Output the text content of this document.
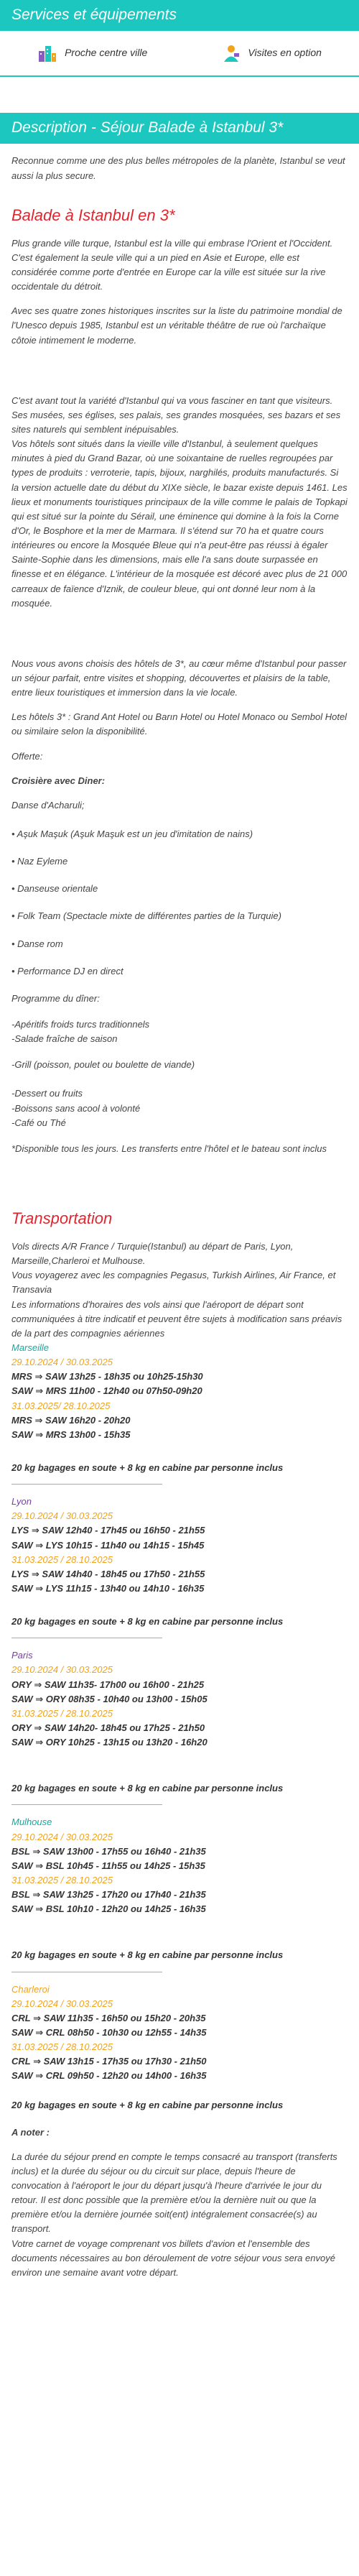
Services et équipements
Proche centre ville	Visites en option
Description - Séjour Balade à Istanbul 3*

Reconnue comme une des plus belles métropoles de la planète, Istanbul se veut aussi la plus secure.

Balade à Istanbul en 3*

Plus grande ville turque, Istanbul est la ville qui embrase l'Orient et l'Occident. C'est également la seule ville qui a un pied en Asie et Europe, elle est considérée comme porte d'entrée en Europe car la ville est située sur la rive occidentale du détroit.

Avec ses quatre zones historiques inscrites sur la liste du patrimoine mondial de l'Unesco depuis 1985, Istanbul est un véritable théâtre de rue où l'archaïque côtoie intimement le moderne.

C'est avant tout la variété d'Istanbul qui va vous fasciner en tant que visiteurs. Ses musées, ses églises, ses palais, ses grandes mosquées, ses bazars et ses sites naturels qui semblent inépuisables.

Vos hôtels sont situés dans la vieille ville d'Istanbul, à seulement quelques minutes à pied du Grand Bazar, où une soixantaine de ruelles regroupées par types de produits : verroterie, tapis, bijoux, narghilés, produits manufacturés. Si la version actuelle date du début du XIXe siècle, le bazar existe depuis 1461. Les lieux et monuments touristiques principaux de la ville comme le palais de Topkapi qui est situé sur la pointe du Sérail, une éminence qui domine à la fois la Corne d'Or, le Bosphore et la mer de Marmara. Il s'étend sur 70 ha et quatre cours intérieures ou encore la Mosquée Bleue qui n'a peut-être pas réussi à égaler Sainte-Sophie dans les dimensions, mais elle l'a sans doute surpassée en finesse et en élégance. L'intérieur de la mosquée est décoré avec plus de 21 000 carreaux de faïence d'Iznik, de couleur bleue, qui ont donné leur nom à la mosquée.

Nous vous avons choisis des hôtels de 3*, au cœur même d'Istanbul pour passer un séjour parfait, entre visites et shopping, découvertes et plaisirs de la table, entre lieux touristiques et immersion dans la vie locale.

Les hôtels 3* : Grand Ant Hotel ou Barın Hotel ou Hotel Monaco ou Sembol Hotel ou similaire selon la disponibilité.

Offerte:

Croisière avec Diner:

Danse d'Acharuli;

• Aşuk Maşuk (Aşuk Maşuk est un jeu d'imitation de nains)
• Naz Eyleme
• Danseuse orientale
• Folk Team (Spectacle mixte de différentes parties de la Turquie)
• Danse rom
• Performance DJ en direct

Programme du dîner:

-Apéritifs froids turcs traditionnels
-Salade fraîche de saison
-Grill (poisson, poulet ou boulette de viande)
-Dessert ou fruits
-Boissons sans acool à volonté
-Café ou Thé

*Disponible tous les jours. Les transferts entre l'hôtel et le bateau sont inclus

Transportation

Vols directs A/R France / Turquie(Istanbul) au départ de Paris, Lyon, Marseille,Charleroi et Mulhouse.
Vous voyagerez avec les compagnies Pegasus, Turkish Airlines, Air France, et Transavia
Les informations d'horaires des vols ainsi que l'aéroport de départ sont communiquées à titre indicatif et peuvent être sujets à modification sans préavis de la part des compagnies aériennes

Marseille
29.10.2024 / 30.03.2025
MRS ⇒ SAW 13h25 - 18h35 ou 10h25-15h30
SAW ⇒ MRS 11h00 - 12h40 ou 07h50-09h20
31.03.2025/ 28.10.2025
MRS ⇒ SAW 16h20 - 20h20
SAW ⇒ MRS 13h00 - 15h35
20 kg bagages en soute + 8 kg en cabine par personne inclus
Lyon
29.10.2024 / 30.03.2025
LYS ⇒ SAW 12h40 - 17h45 ou 16h50 - 21h55
SAW ⇒ LYS 10h15 - 11h40 ou 14h15 - 15h45
31.03.2025 / 28.10.2025
LYS ⇒ SAW 14h40 - 18h45 ou 17h50 - 21h55
SAW ⇒ LYS 11h15 - 13h40 ou 14h10 - 16h35
20 kg bagages en soute + 8 kg en cabine par personne inclus
Paris
29.10.2024 / 30.03.2025
ORY ⇒ SAW 11h35- 17h00 ou 16h00 - 21h25
SAW ⇒ ORY 08h35 - 10h40 ou 13h00 - 15h05
31.03.2025 / 28.10.2025
ORY ⇒ SAW 14h20- 18h45 ou 17h25 - 21h50
SAW ⇒ ORY 10h25 - 13h15 ou 13h20 - 16h20
20 kg bagages en soute + 8 kg en cabine par personne inclus
Mulhouse
29.10.2024 / 30.03.2025
BSL ⇒ SAW 13h00 - 17h55 ou 16h40 - 21h35
SAW ⇒ BSL 10h45 - 11h55 ou 14h25 - 15h35
31.03.2025 / 28.10.2025
BSL ⇒ SAW 13h25 - 17h20 ou 17h40 - 21h35
SAW ⇒ BSL 10h10 - 12h20 ou 14h25 - 16h35
20 kg bagages en soute + 8 kg en cabine par personne inclus
Charleroi
29.10.2024 / 30.03.2025
CRL ⇒ SAW 11h35 - 16h50 ou 15h20 - 20h35
SAW ⇒ CRL 08h50 - 10h30 ou 12h55 - 14h35
31.03.2025 / 28.10.2025
CRL ⇒ SAW 13h15 - 17h35 ou 17h30 - 21h50
SAW ⇒ CRL 09h50 - 12h20 ou 14h00 - 16h35
20 kg bagages en soute + 8 kg en cabine par personne inclus

A noter :

La durée du séjour prend en compte le temps consacré au transport (transferts inclus) et la durée du séjour ou du circuit sur place, depuis l'heure de convocation à l'aéroport le jour du départ jusqu'à l'heure d'arrivée le jour du retour. Il est donc possible que la première et/ou la dernière nuit ou que la première et/ou la dernière journée soit(ent) intégralement consacrée(s) au transport.

Votre carnet de voyage comprenant vos billets d'avion et l'ensemble des documents nécessaires au bon déroulement de votre séjour vous sera envoyé environ une semaine avant votre départ.
